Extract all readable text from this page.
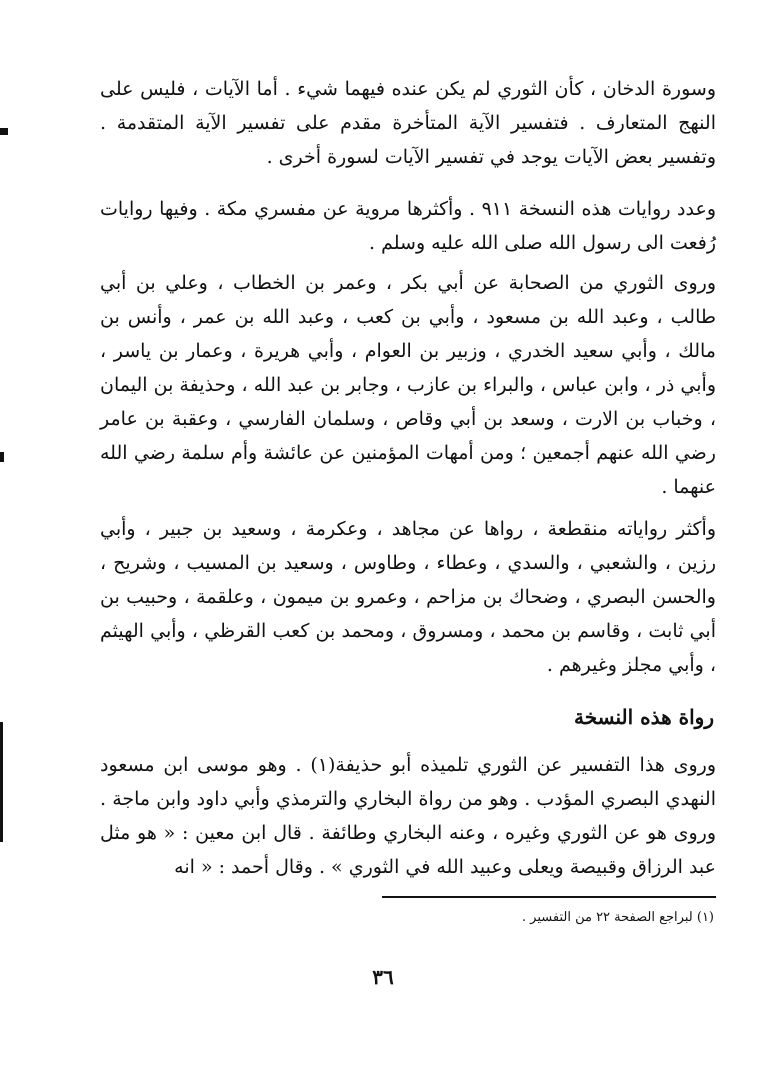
وسورة الدخان ، كأن الثوري لم يكن عنده فيهما شيء . أما الآيات ، فليس على النهج المتعارف . فتفسير الآية المتأخرة مقدم على تفسير الآية المتقدمة . وتفسير بعض الآيات يوجد في تفسير الآيات لسورة أخرى .

وعدد روايات هذه النسخة ٩١١ . وأكثرها مروية عن مفسري مكة . وفيها روايات رُفعت الى رسول الله صلى الله عليه وسلم .

وروى الثوري من الصحابة عن أبي بكر ، وعمر بن الخطاب ، وعلي بن أبي طالب ، وعبد الله بن مسعود ، وأبي بن كعب ، وعبد الله بن عمر ، وأنس بن مالك ، وأبي سعيد الخدري ، وزبير بن العوام ، وأبي هريرة ، وعمار بن ياسر ، وأبي ذر ، وابن عباس ، والبراء بن عازب ، وجابر بن عبد الله ، وحذيفة بن اليمان ، وخباب بن الارت ، وسعد بن أبي وقاص ، وسلمان الفارسي ، وعقبة بن عامر رضي الله عنهم أجمعين ؛ ومن أمهات المؤمنين عن عائشة وأم سلمة رضي الله عنهما .

وأكثر رواياته منقطعة ، رواها عن مجاهد ، وعكرمة ، وسعيد بن جبير ، وأبي رزين ، والشعبي ، والسدي ، وعطاء ، وطاوس ، وسعيد بن المسيب ، وشريح ، والحسن البصري ، وضحاك بن مزاحم ، وعمرو بن ميمون ، وعلقمة ، وحبيب بن أبي ثابت ، وقاسم بن محمد ، ومسروق ، ومحمد بن كعب القرظي ، وأبي الهيثم ، وأبي مجلز وغيرهم .

رواة هذه النسخة

وروى هذا التفسير عن الثوري تلميذه أبو حذيفة(١) . وهو موسى ابن مسعود النهدي البصري المؤدب . وهو من رواة البخاري والترمذي وأبي داود وابن ماجة . وروى هو عن الثوري وغيره ، وعنه البخاري وطائفة . قال ابن معين : « هو مثل عبد الرزاق وقبيصة ويعلى وعبيد الله في الثوري » . وقال أحمد : « انه

(١) لبراجع الصفحة ٢٢ من التفسير .

٣٦
